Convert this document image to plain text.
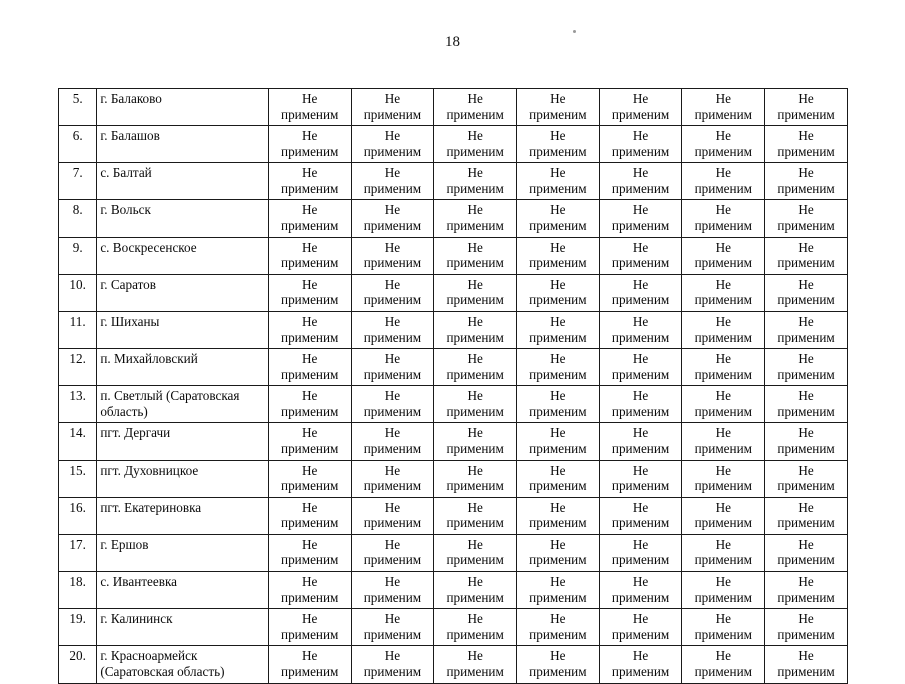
18
5.	г. Балаково	Не
применим	Не
применим	Не
применим	Не
применим	Не
применим	Не
применим	Не
применим

6.	г. Балашов	Не
применим	Не
применим	Не
применим	Не
применим	Не
применим	Не
применим	Не
применим

7.	с. Балтай	Не
применим	Не
применим	Не
применим	Не
применим	Не
применим	Не
применим	Не
применим

8.	г. Вольск	Не
применим	Не
применим	Не
применим	Не
применим	Не
применим	Не
применим	Не
применим

9.	с. Воскресенское	Не
применим	Не
применим	Не
применим	Не
применим	Не
применим	Не
применим	Не
применим

10.	г. Саратов	Не
применим	Не
применим	Не
применим	Не
применим	Не
применим	Не
применим	Не
применим

11.	г. Шиханы	Не
применим	Не
применим	Не
применим	Не
применим	Не
применим	Не
применим	Не
применим

12.	п. Михайловский	Не
применим	Не
применим	Не
применим	Не
применим	Не
применим	Не
применим	Не
применим

13.	п. Светлый (Саратовская
область)	Не
применим	Не
применим	Не
применим	Не
применим	Не
применим	Не
применим	Не
применим

14.	пгт. Дергачи	Не
применим	Не
применим	Не
применим	Не
применим	Не
применим	Не
применим	Не
применим

15.	пгт. Духовницкое	Не
применим	Не
применим	Не
применим	Не
применим	Не
применим	Не
применим	Не
применим

16.	пгт. Екатериновка	Не
применим	Не
применим	Не
применим	Не
применим	Не
применим	Не
применим	Не
применим

17.	г. Ершов	Не
применим	Не
применим	Не
применим	Не
применим	Не
применим	Не
применим	Не
применим

18.	с. Ивантеевка	Не
применим	Не
применим	Не
применим	Не
применим	Не
применим	Не
применим	Не
применим

19.	г. Калининск	Не
применим	Не
применим	Не
применим	Не
применим	Не
применим	Не
применим	Не
применим

20.	г. Красноармейск
(Саратовская область)	Не
применим	Не
применим	Не
применим	Не
применим	Не
применим	Не
применим	Не
применим
